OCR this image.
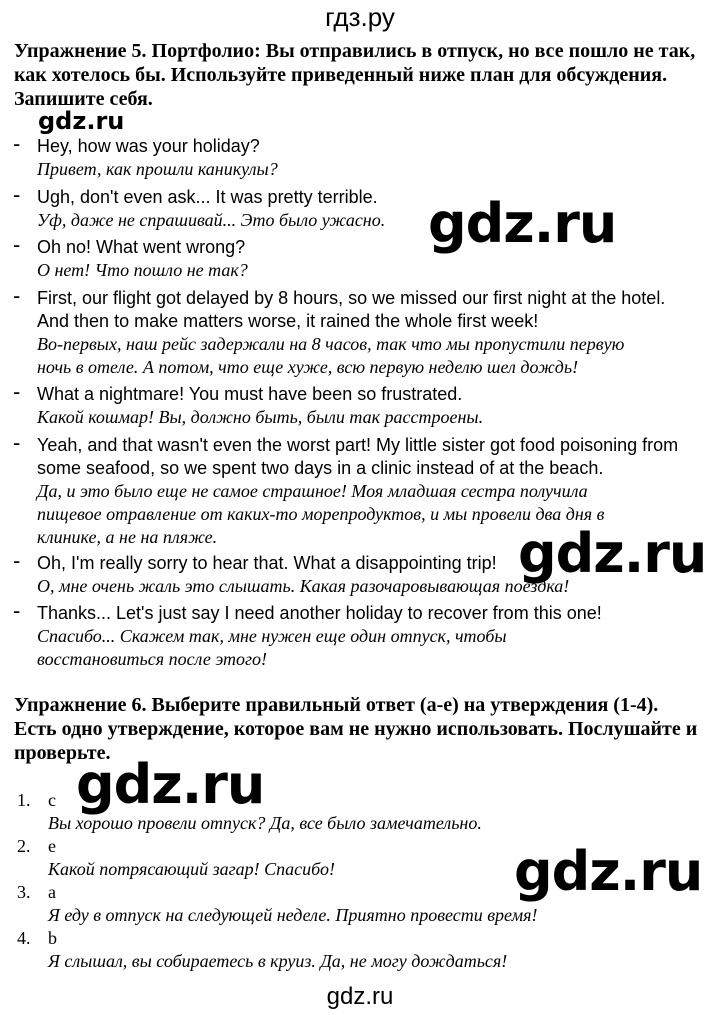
гдз.ру
Упражнение 5. Портфолио: Вы отправились в отпуск, но все пошло не так,
как хотелось бы. Используйте приведенный ниже план для обсуждения.
Запишите себя.
gdz.ru
- Hey, how was your holiday?
Привет, как прошли каникулы?
- Ugh, don't even ask... It was pretty terrible.
Уф, даже не спрашивай... Это было ужасно. gdz.ru
- Oh no! What went wrong?
О нет! Что пошло не так?
- First, our flight got delayed by 8 hours, so we missed our first night at the hotel.
And then to make matters worse, it rained the whole first week!
Во-первых, наш рейс задержали на 8 часов, так что мы пропустили первую
ночь в отеле. А потом, что еще хуже, всю первую неделю шел дождь!
- What a nightmare! You must have been so frustrated.
Какой кошмар! Вы, должно быть, были так расстроены.
- Yeah, and that wasn't even the worst part! My little sister got food poisoning from
some seafood, so we spent two days in a clinic instead of at the beach.
Да, и это было еще не самое страшное! Моя младшая сестра получила
пищевое отравление от каких-то морепродуктов, и мы провели два дня в
клинике, а не на пляже.	gdz.ru
- Oh, I'm really sorry to hear that. What a disappointing trip!
О, мне очень жаль это слышать. Какая разочаровывающая поездка!
- Thanks... Let's just say I need another holiday to recover from this one!
Спасибо... Скажем так, мне нужен еще один отпуск, чтобы
восстановиться после этого!
Упражнение 6. Выберите правильный ответ (a-e) на утверждения (1-4).
Есть одно утверждение, которое вам не нужно использовать. Послушайте и
проверьте.
gdz.ru
1. c
Вы хорошо провели отпуск? Да, все было замечательно.
2. e
Какой потрясающий загар! Спасибо!	gdz.ru
3. a
Я еду в отпуск на следующей неделе. Приятно провести время!
4. b
Я слышал, вы собираетесь в круиз. Да, не могу дождаться!
gdz.ru
